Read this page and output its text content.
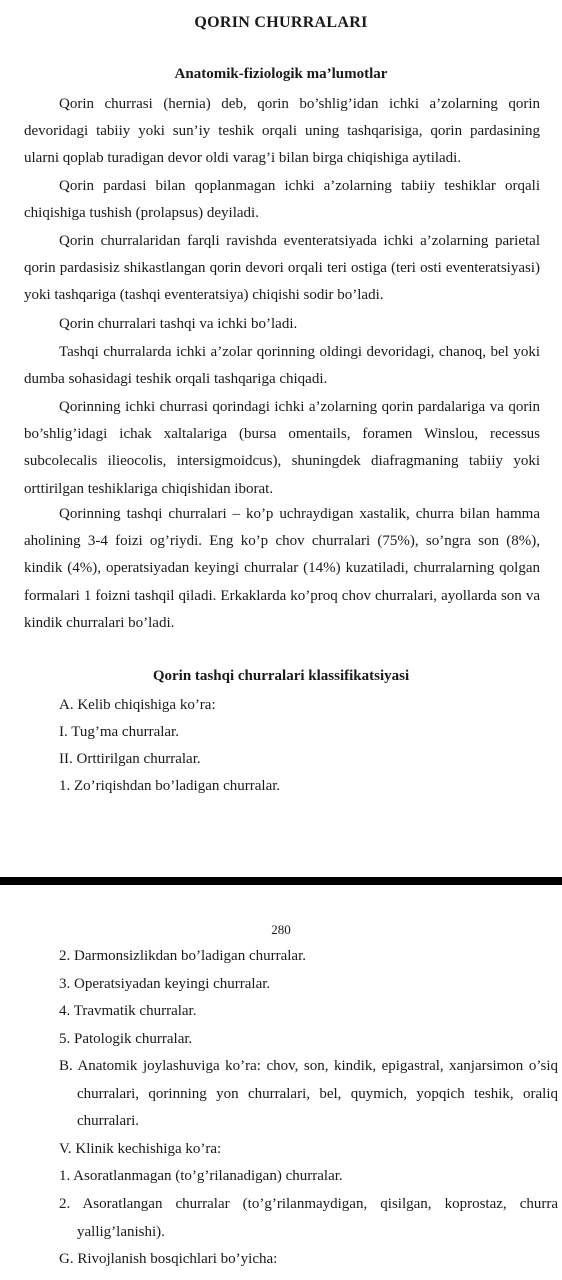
QORIN CHURRALARI
Anatomik-fiziologik ma’lumotlar

Qorin churrasi (hernia) deb, qorin bo’shlig’idan ichki a’zolarning qorin devoridagi tabiiy yoki sun’iy teshik orqali uning tashqarisiga, qorin pardasining ularni qoplab turadigan devor oldi varag’i bilan birga chiqishiga aytiladi.

Qorin pardasi bilan qoplanmagan ichki a’zolarning tabiiy teshiklar orqali chiqishiga tushish (prolapsus) deyiladi.

Qorin churralaridan farqli ravishda eventeratsiyada ichki a’zolarning parietal qorin pardasisiz shikastlangan qorin devori orqali teri ostiga (teri osti eventeratsiyasi) yoki tashqariga (tashqi eventeratsiya) chiqishi sodir bo’ladi.

Qorin churralari tashqi va ichki bo’ladi.

Tashqi churralarda ichki a’zolar qorinning oldingi devoridagi, chanoq, bel yoki dumba sohasidagi teshik orqali tashqariga chiqadi.

Qorinning ichki churrasi qorindagi ichki a’zolarning qorin pardalariga va qorin bo’shlig’idagi ichak xaltalariga (bursa omentails, foramen Winslou, recessus subcolecalis ilieocolis, intersigmoidcus), shuningdek diafragmaning tabiiy yoki orttirilgan teshiklariga chiqishidan iborat.

Qorinning tashqi churralari – ko’p uchraydigan xastalik, churra bilan hamma aholining 3-4 foizi og’riydi. Eng ko’p chov churralari (75%), so’ngra son (8%), kindik (4%), operatsiyadan keyingi churralar (14%) kuzatiladi, churralarning qolgan formalari 1 foizni tashqil qiladi. Erkaklarda ko’proq chov churralari, ayollarda son va kindik churralari bo’ladi.

Qorin tashqi churralari klassifikatsiyasi
A. Kelib chiqishiga ko’ra:
I. Tug’ma churralar.
II. Orttirilgan churralar.
1. Zo’riqishdan bo’ladigan churralar.
280

2. Darmonsizlikdan bo’ladigan churralar.

3. Operatsiyadan keyingi churralar.

4. Travmatik churralar.

5. Patologik churralar.

B. Anatomik joylashuviga ko’ra: chov, son, kindik, epigastral, xanjarsimon o’siq churralari, qorinning yon churralari, bel, quymich, yopqich teshik, oraliq churralari.

V. Klinik kechishiga ko’ra:

1. Asoratlanmagan (to’g’rilanadigan) churralar.

2. Asoratlangan churralar (to’g’rilanmaydigan, qisilgan, koprostaz, churra yallig’lanishi).

G. Rivojlanish bosqichlari bo’yicha:
